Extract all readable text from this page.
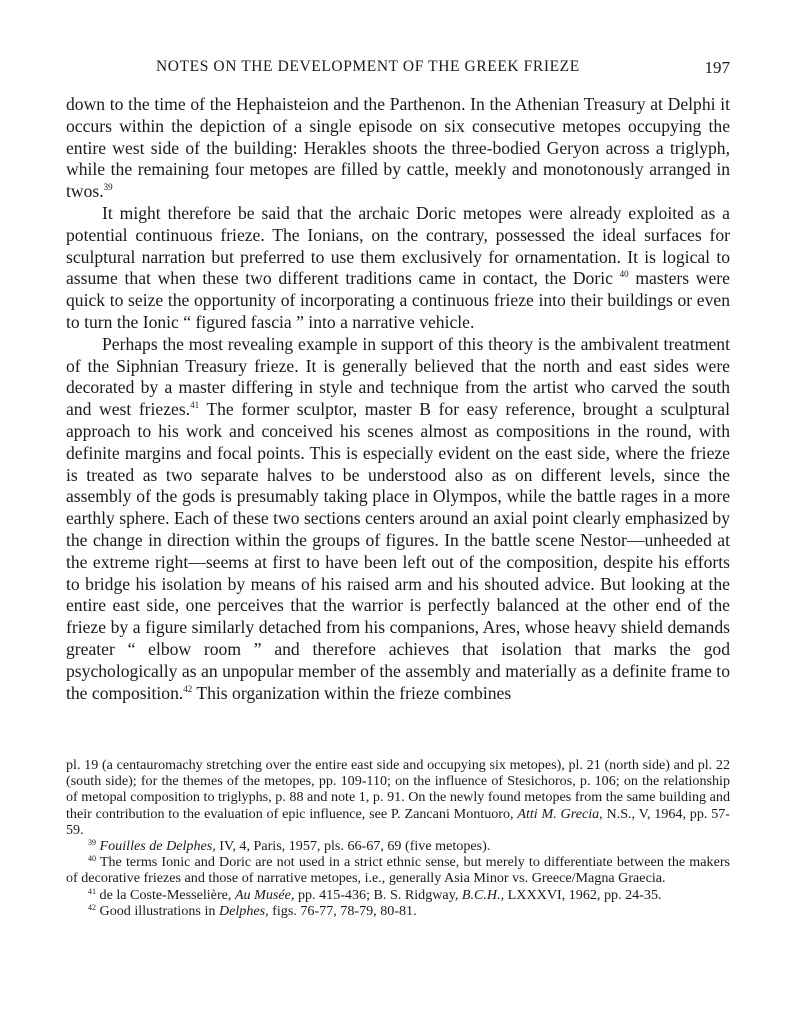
NOTES ON THE DEVELOPMENT OF THE GREEK FRIEZE	197

down to the time of the Hephaisteion and the Parthenon. In the Athenian Treasury at Delphi it occurs within the depiction of a single episode on six consecutive metopes occupying the entire west side of the building: Herakles shoots the three-bodied Geryon across a triglyph, while the remaining four metopes are filled by cattle, meekly and monotonously arranged in twos.$^{39}$

It might therefore be said that the archaic Doric metopes were already exploited as a potential continuous frieze. The Ionians, on the contrary, possessed the ideal surfaces for sculptural narration but preferred to use them exclusively for ornamentation. It is logical to assume that when these two different traditions came in contact, the Doric $^{40}$ masters were quick to seize the opportunity of incorporating a continuous frieze into their buildings or even to turn the Ionic “ figured fascia ” into a narrative vehicle.

Perhaps the most revealing example in support of this theory is the ambivalent treatment of the Siphnian Treasury frieze. It is generally believed that the north and east sides were decorated by a master differing in style and technique from the artist who carved the south and west friezes.$^{41}$ The former sculptor, master B for easy reference, brought a sculptural approach to his work and conceived his scenes almost as compositions in the round, with definite margins and focal points. This is especially evident on the east side, where the frieze is treated as two separate halves to be understood also as on different levels, since the assembly of the gods is presumably taking place in Olympos, while the battle rages in a more earthly sphere. Each of these two sections centers around an axial point clearly emphasized by the change in direction within the groups of figures. In the battle scene Nestor—unheeded at the extreme right—seems at first to have been left out of the composition, despite his efforts to bridge his isolation by means of his raised arm and his shouted advice. But looking at the entire east side, one perceives that the warrior is perfectly balanced at the other end of the frieze by a figure similarly detached from his companions, Ares, whose heavy shield demands greater “ elbow room ” and therefore achieves that isolation that marks the god psychologically as an unpopular member of the assembly and materially as a definite frame to the composition.$^{42}$ This organization within the frieze combines

pl. 19 (a centauromachy stretching over the entire east side and occupying six metopes), pl. 21 (north side) and pl. 22 (south side); for the themes of the metopes, pp. 109-110; on the influence of Stesichoros, p. 106; on the relationship of metopal composition to triglyphs, p. 88 and note 1, p. 91. On the newly found metopes from the same building and their contribution to the evaluation of epic influence, see P. Zancani Montuoro, Atti M. Grecia, N.S., V, 1964, pp. 57-59.

$^{39}$ Fouilles de Delphes, IV, 4, Paris, 1957, pls. 66-67, 69 (five metopes).

$^{40}$ The terms Ionic and Doric are not used in a strict ethnic sense, but merely to differentiate between the makers of decorative friezes and those of narrative metopes, i.e., generally Asia Minor vs. Greece/Magna Graecia.

$^{41}$ de la Coste-Messelière, Au Musée, pp. 415-436; B. S. Ridgway, B.C.H., LXXXVI, 1962, pp. 24-35.

$^{42}$ Good illustrations in Delphes, figs. 76-77, 78-79, 80-81.
